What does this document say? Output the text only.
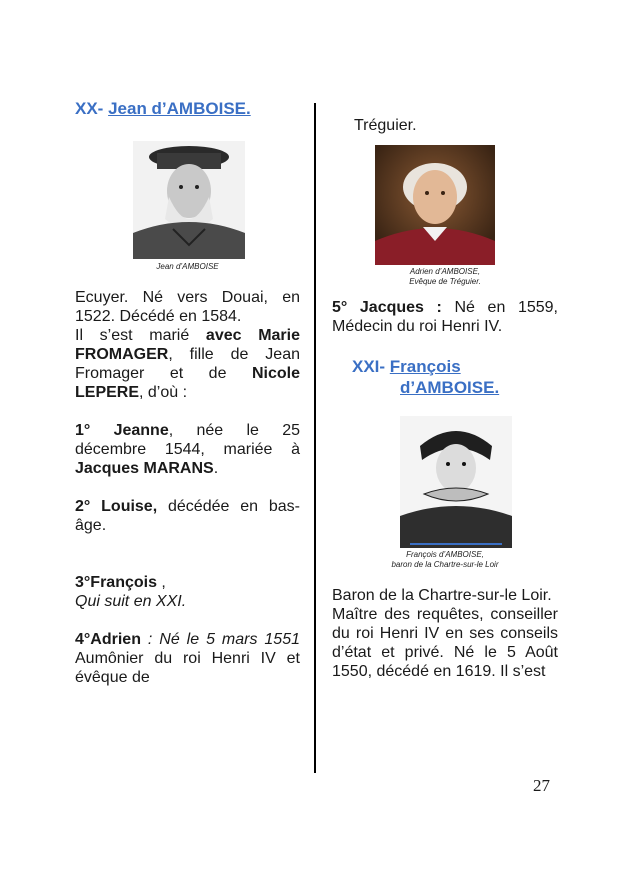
XX- Jean d’AMBOISE.
Jean d’AMBOISE

Ecuyer. Né vers Douai, en 1522. Décédé en 1584.
Il s’est marié avec Marie FROMAGER, fille de Jean Fromager et de Nicole LEPERE, d’où :

1° Jeanne, née le 25 décembre 1544, mariée à Jacques MARANS.

2° Louise, décédée en bas-âge.

3°François ,
Qui suit en XXI.

4°Adrien : Né le 5 mars 1551 Aumônier du roi Henri IV et évêque de

Tréguier.

Adrien d’AMBOISE,
Evêque de Tréguier.

5° Jacques : Né en 1559, Médecin du roi Henri IV.

XXI- François
d’AMBOISE.
François d’AMBOISE,
baron de la Chartre-sur-le Loir

Baron de la Chartre-sur-le Loir.
Maître des requêtes, conseiller du roi Henri IV en ses conseils d’état et privé. Né le 5 Août 1550, décédé en 1619. Il s’est

27
